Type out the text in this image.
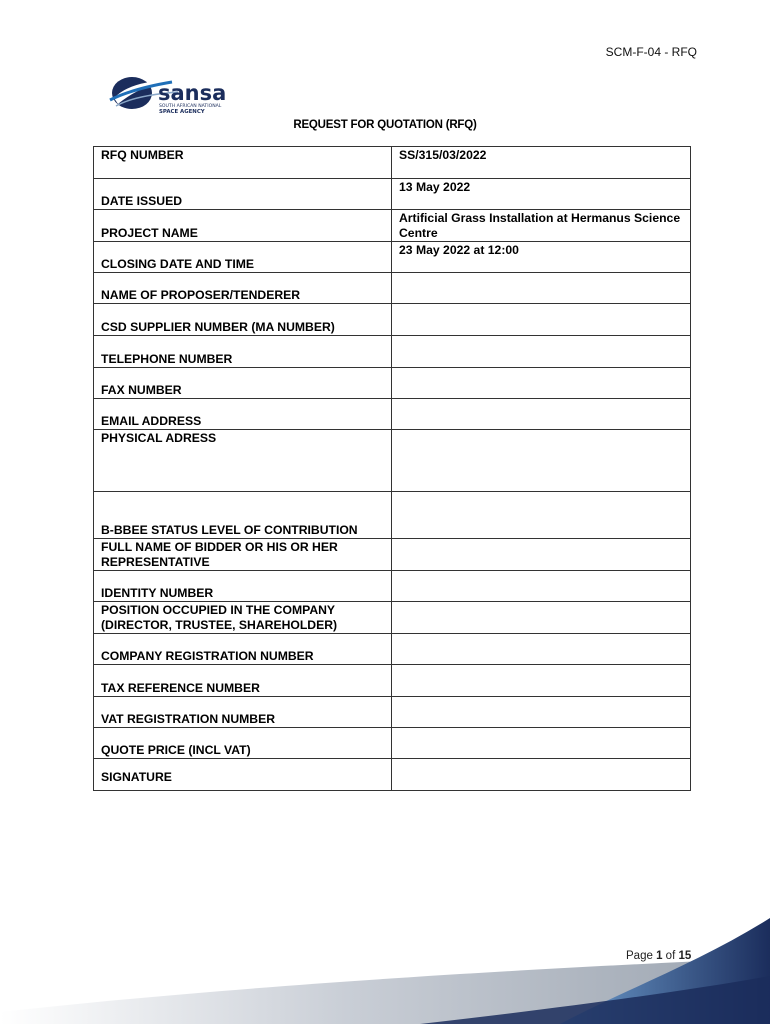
SCM-F-04 - RFQ
sansa
SOUTH AFRICAN NATIONAL
SPACE AGENCY
REQUEST FOR QUOTATION (RFQ)
RFQ NUMBER	SS/315/03/2022
DATE ISSUED	13 May 2022
PROJECT NAME	Artificial Grass Installation at Hermanus Science Centre
CLOSING DATE AND TIME	23 May 2022 at 12:00
NAME OF PROPOSER/TENDERER	
CSD SUPPLIER NUMBER (MA NUMBER)	
TELEPHONE NUMBER	
FAX NUMBER	
EMAIL ADDRESS	
PHYSICAL ADRESS	
B-BBEE STATUS LEVEL OF CONTRIBUTION	
FULL NAME OF BIDDER OR HIS OR HER REPRESENTATIVE	
IDENTITY NUMBER	
POSITION OCCUPIED IN THE COMPANY (DIRECTOR, TRUSTEE, SHAREHOLDER)	
COMPANY REGISTRATION NUMBER	
TAX REFERENCE NUMBER	
VAT REGISTRATION NUMBER	
QUOTE PRICE (INCL VAT)	
SIGNATURE	
Page 1 of 15
